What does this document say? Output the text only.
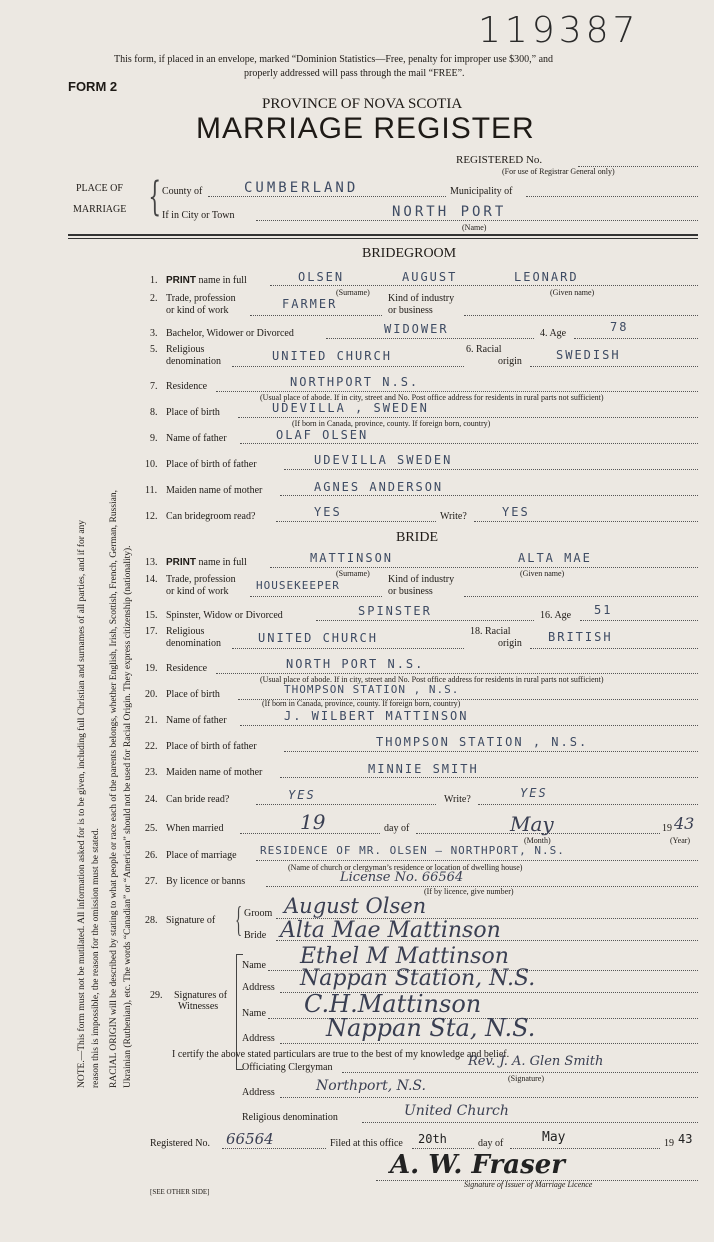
119387
This form, if placed in an envelope, marked “Dominion Statistics—Free, penalty for improper use $300,” and
properly addressed will pass through the mail “FREE”.
FORM 2
PROVINCE OF NOVA SCOTIA
MARRIAGE REGISTER
REGISTERED No.
(For use of Registrar General only)
PLACE OF
MARRIAGE { County of	CUMBERLAND	Municipality of
If in City or Town	NORTH PORT
(Name)
NOTE.—This form must not be mutilated. All information asked for is to be given, including full Christian and surnames of all parties, and if for any reason this is impossible, the reason for the omission must be stated. RACIAL ORIGIN will be described by stating to what people or race each of the parents belongs, whether English, Irish, Scottish, French, German, Russian, Ukrainian (Ruthenian), etc. The words “Canadian” or “American” should not be used for Racial Origin. They express citizenship (nationality).
BRIDEGROOM
1. PRINT name in full	OLSEN	AUGUST	LEONARD
(Surname)	(Given name)
2. Trade, profession
or kind of work	FARMER	Kind of industry
or business
3. Bachelor, Widower or Divorced	WIDOWER	4. Age	78
5. Religious
denomination	UNITED CHURCH	6. Racial
origin	SWEDISH
7. Residence	NORTHPORT N.S.
(Usual place of abode. If in city, street and No. Post office address for residents in rural parts not sufficient)
8. Place of birth	UDEVILLA , SWEDEN
(If born in Canada, province, county. If foreign born, country)
9. Name of father	OLAF OLSEN
10. Place of birth of father	UDEVILLA SWEDEN
11. Maiden name of mother	AGNES ANDERSON
12. Can bridegroom read?	YES	Write?	YES
BRIDE
13. PRINT name in full	MATTINSON	ALTA MAE
(Surname)	(Given name)
14. Trade, profession
or kind of work	HOUSEKEEPER	Kind of industry
or business
15. Spinster, Widow or Divorced	SPINSTER	16. Age 51
17. Religious
denomination	UNITED CHURCH	18. Racial
origin BRITISH
19. Residence	NORTH PORT N.S.
(Usual place of abode. If in city, street and No. Post office address for residents in rural parts not sufficient)
20. Place of birth	THOMPSON STATION , N.S.
(If born in Canada, province, county. If foreign born, country)
21. Name of father	J. WILBERT MATTINSON
22. Place of birth of father	THOMPSON STATION , N.S.
23. Maiden name of mother	MINNIE SMITH
24. Can bride read?	YES	Write?	YES
25. When married	19	day of	May
(Month)
19 43
(Year)
26. Place of marriage RESIDENCE OF MR. OLSEN — NORTHPORT, N.S.
(Name of church or clergyman’s residence or location of dwelling house)
27. By licence or banns	License No. 66564
(If by licence, give number)
28. Signature of { Groom August Olsen
Bride Alta Mae Mattinson
29. Signatures of
Witnesses
Name Ethel M Mattinson
Address Nappan Station, N.S.
Name C.H.Mattinson
Address Nappan Sta, N.S.
I certify the above stated particulars are true to the best of my knowledge and belief.
Officiating Clergyman	Rev. J. A. Glen Smith
(Signature)
Address	Northport, N.S.
Religious denomination	United Church
Registered No. 66564	Filed at this office 20th	day of	May	19 43
A. W. Fraser
Signature of Issuer of Marriage Licence
[SEE OTHER SIDE]
